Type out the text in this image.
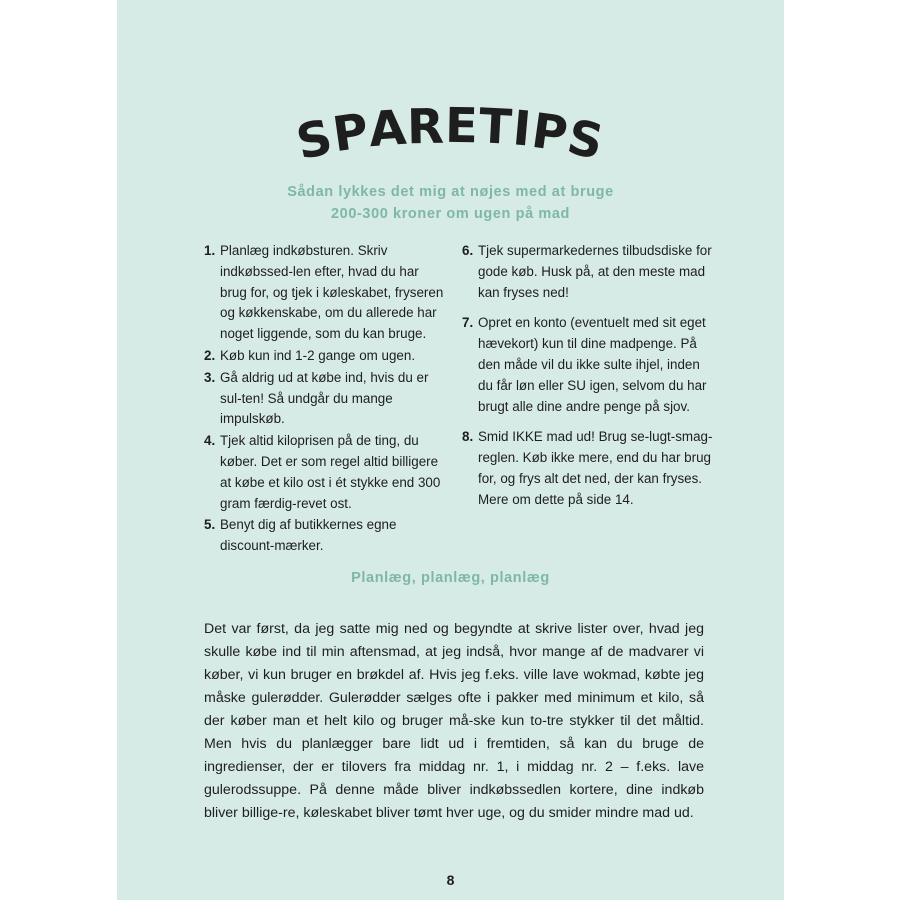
SPARETIPS
Sådan lykkes det mig at nøjes med at bruge
200-300 kroner om ugen på mad
1. Planlæg indkøbsturen. Skriv indkøbssed-len efter, hvad du har brug for, og tjek i køleskabet, fryseren og køkkenskabe, om du allerede har noget liggende, som du kan bruge.
2. Køb kun ind 1-2 gange om ugen.
3. Gå aldrig ud at købe ind, hvis du er sul-ten! Så undgår du mange impulskøb.
4. Tjek altid kiloprisen på de ting, du køber. Det er som regel altid billigere at købe et kilo ost i ét stykke end 300 gram færdig-revet ost.
5. Benyt dig af butikkernes egne discount-mærker.
6. Tjek supermarkedernes tilbudsdiske for gode køb. Husk på, at den meste mad kan fryses ned!
7. Opret en konto (eventuelt med sit eget hævekort) kun til dine madpenge. På den måde vil du ikke sulte ihjel, inden du får løn eller SU igen, selvom du har brugt alle dine andre penge på sjov.
8. Smid IKKE mad ud! Brug se-lugt-smag-reglen. Køb ikke mere, end du har brug for, og frys alt det ned, der kan fryses. Mere om dette på side 14.
Planlæg, planlæg, planlæg
Det var først, da jeg satte mig ned og begyndte at skrive lister over, hvad jeg skulle købe ind til min aftensmad, at jeg indså, hvor mange af de madvarer vi køber, vi kun bruger en brøkdel af. Hvis jeg f.eks. ville lave wokmad, købte jeg måske gulerødder. Gulerødder sælges ofte i pakker med minimum et kilo, så der køber man et helt kilo og bruger må-ske kun to-tre stykker til det måltid. Men hvis du planlægger bare lidt ud i fremtiden, så kan du bruge de ingredienser, der er tilovers fra middag nr. 1, i middag nr. 2 – f.eks. lave gulerodssuppe. På denne måde bliver indkøbssedlen kortere, dine indkøb bliver billige-re, køleskabet bliver tømt hver uge, og du smider mindre mad ud.
8
